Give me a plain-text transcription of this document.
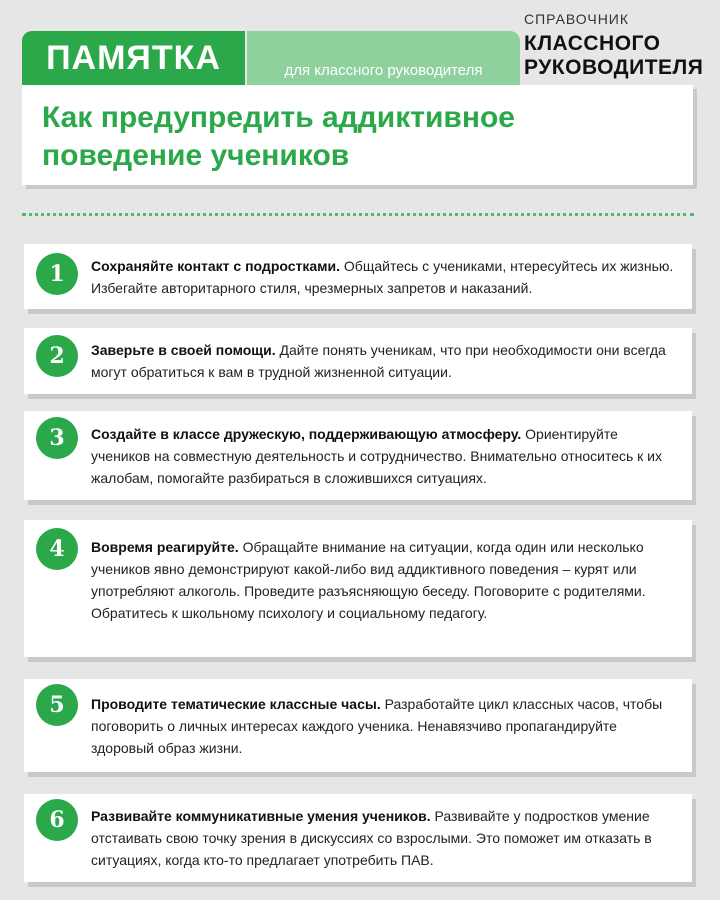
ПАМЯТКА	для классного руководителя
СПРАВОЧНИК
КЛАССНОГО
РУКОВОДИТЕЛЯ
Как предупредить аддиктивное
поведение учеников
1	Сохраняйте контакт с подростками. Общайтесь с учениками, нтересуйтесь их жизнью. Избегайте авторитарного стиля, чрезмерных запретов и наказаний.
2	Заверьте в своей помощи. Дайте понять ученикам, что при необходимости они всегда могут обратиться к вам в трудной жизненной ситуации.
3	Создайте в классе дружескую, поддерживающую атмосферу. Ориентируйте учеников на совместную деятельность и сотрудничество. Внимательно относитесь к их жалобам, помогайте разбираться в сложившихся ситуациях.
4	Вовремя реагируйте. Обращайте внимание на ситуации, когда один или несколько учеников явно демонстрируют какой-либо вид аддиктивного поведения – курят или употребляют алкоголь. Проведите разъясняющую беседу. Поговорите с родителями. Обратитесь к школьному психологу и социальному педагогу.
5	Проводите тематические классные часы. Разработайте цикл классных часов, чтобы поговорить о личных интересах каждого ученика. Ненавязчиво пропагандируйте здоровый образ жизни.
6	Развивайте коммуникативные умения учеников. Развивайте у подростков умение отстаивать свою точку зрения в дискуссиях со взрослыми. Это поможет им отказать в ситуациях, когда кто-то предлагает употребить ПАВ.
